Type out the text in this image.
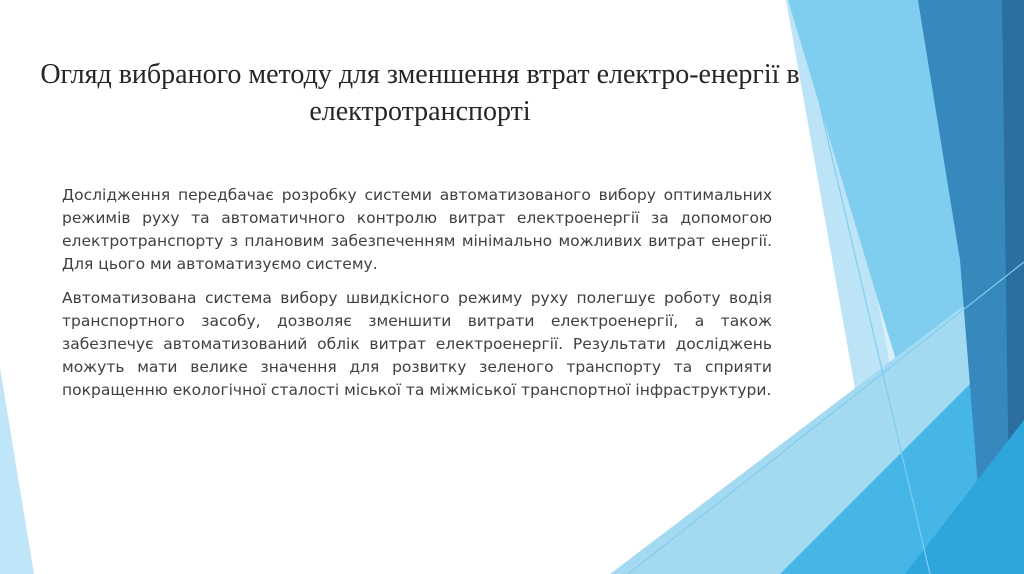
Огляд вибраного методу для зменшення втрат електро-енергії в електротранспорті

Дослідження передбачає розробку системи автоматизованого вибору оптимальних режимів руху та автоматичного контролю витрат електроенергії за допомогою електротранспорту з плановим забезпеченням мінімально можливих витрат енергії. Для цього ми автоматизуємо систему.

Автоматизована система вибору швидкісного режиму руху полегшує роботу водія транспортного засобу, дозволяє зменшити витрати електроенергії, а також забезпечує автоматизований облік витрат електроенергії. Результати досліджень можуть мати велике значення для розвитку зеленого транспорту та сприяти покращенню екологічної сталості міської та міжміської транспортної інфраструктури.
